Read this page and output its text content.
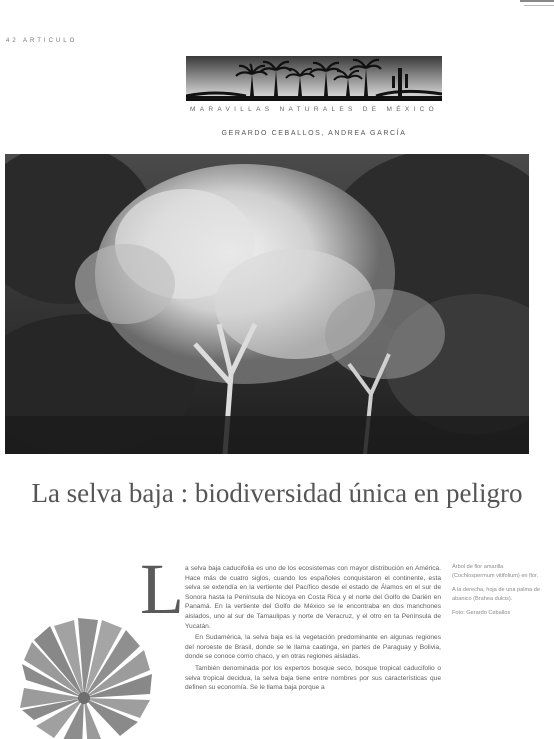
42 ARTICULO
MARAVILLAS NATURALES DE MÉXICO
GERARDO CEBALLOS, ANDREA GARCÍA
La selva baja : biodiversidad única en peligro
L a selva baja caducifolia es uno de los ecosistemas con mayor distribución en América. Hace más de cuatro siglos, cuando los españoles conquistaron el continente, esta selva se extendía en la vertiente del Pacífico desde el estado de Álamos en el sur de Sonora hasta la Península de Nicoya en Costa Rica y el norte del Golfo de Darién en Panamá. En la vertiente del Golfo de México se le encontraba en dos manchones aislados, uno al sur de Tamaulipas y norte de Veracruz, y el otro en la Península de Yucatán.

En Sudamérica, la selva baja es la vegetación predominante en algunas regiones del noroeste de Brasil, donde se le llama caatinga, en partes de Paraguay y Bolivia, donde se conoce como chaco, y en otras regiones aisladas.

También denominada por los expertos bosque seco, bosque tropical caducifolio o selva tropical decidua, la selva baja tiene entre nombres por sus características que definen su economía. Se le llama baja porque a

Árbol de flor amarilla (Cochlospermum vitifolium) en flor.

A la derecha, hoja de una palma de abanico (Brahea dulcis).

Foto: Gerardo Ceballos
